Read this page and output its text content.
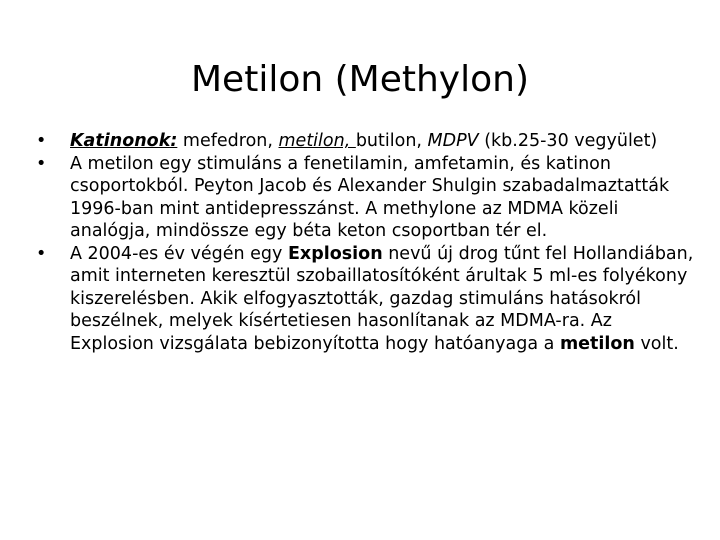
Metilon (Methylon)
•	Katinonok: mefedron, metilon, butilon, MDPV (kb.25-30 vegyület)
•	A metilon egy stimuláns a fenetilamin, amfetamin, és katinon csoportokból. Peyton Jacob és Alexander Shulgin szabadalmaztatták 1996-ban mint antidepresszánst. A methylone az MDMA közeli analógja, mindössze egy béta keton csoportban tér el.
•	A 2004-es év végén egy Explosion nevű új drog tűnt fel Hollandiában, amit interneten keresztül szobaillatosítóként árultak 5 ml-es folyékony kiszerelésben. Akik elfogyasztották, gazdag stimuláns hatásokról beszélnek, melyek kísértetiesen hasonlítanak az MDMA-ra. Az Explosion vizsgálata bebizonyította hogy hatóanyaga a metilon volt.
